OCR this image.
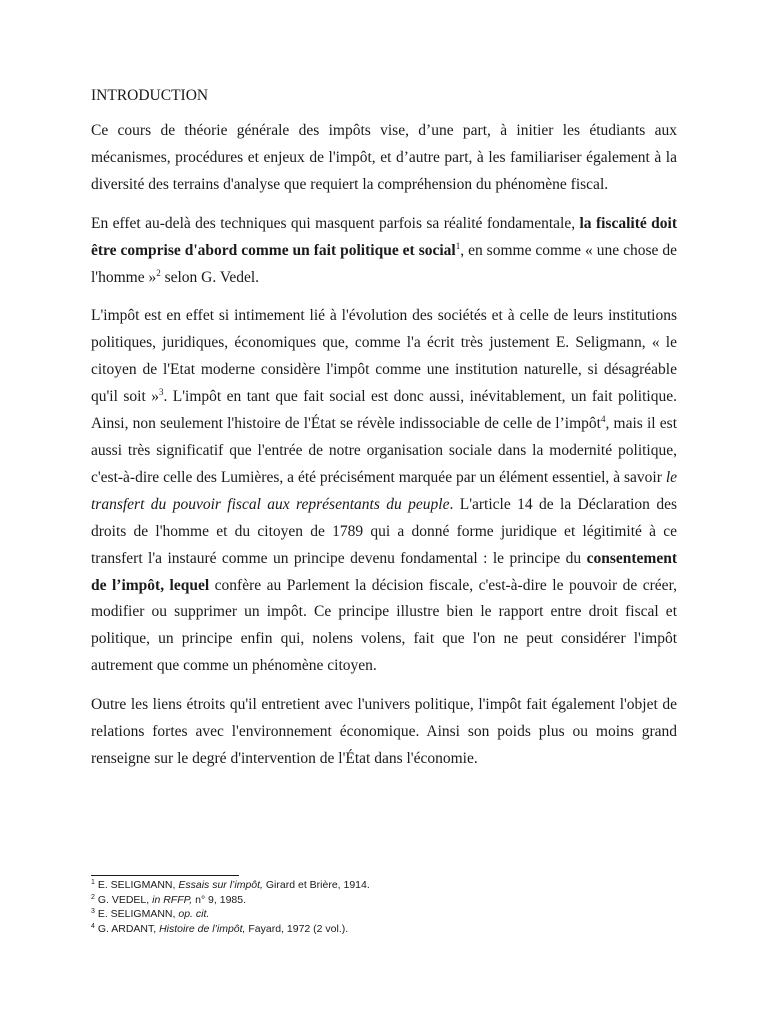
INTRODUCTION

Ce cours de théorie générale des impôts vise, d’une part, à initier les étudiants aux mécanismes, procédures et enjeux de l'impôt, et d’autre part, à les familiariser également à la diversité des terrains d'analyse que requiert la compréhension du phénomène fiscal.

En effet au-delà des techniques qui masquent parfois sa réalité fondamentale, la fiscalité doit être comprise d'abord comme un fait politique et social$^1$, en somme comme « une chose de l'homme »$^2$ selon G. Vedel.

L'impôt est en effet si intimement lié à l'évolution des sociétés et à celle de leurs institutions politiques, juridiques, économiques que, comme l'a écrit très justement E. Seligmann, « le citoyen de l'Etat moderne considère l'impôt comme une institution naturelle, si désagréable qu'il soit »$^3$. L'impôt en tant que fait social est donc aussi, inévitablement, un fait politique. Ainsi, non seulement l'histoire de l'État se révèle indissociable de celle de l’impôt$^4$, mais il est aussi très significatif que l'entrée de notre organisation sociale dans la modernité politique, c'est-à-dire celle des Lumières, a été précisément marquée par un élément essentiel, à savoir le transfert du pouvoir fiscal aux représentants du peuple. L'article 14 de la Déclaration des droits de l'homme et du citoyen de 1789 qui a donné forme juridique et légitimité à ce transfert l'a instauré comme un principe devenu fondamental : le principe du consentement de l’impôt, lequel confère au Parlement la décision fiscale, c'est-à-dire le pouvoir de créer, modifier ou supprimer un impôt. Ce principe illustre bien le rapport entre droit fiscal et politique, un principe enfin qui, nolens volens, fait que l'on ne peut considérer l'impôt autrement que comme un phénomène citoyen.

Outre les liens étroits qu'il entretient avec l'univers politique, l'impôt fait également l'objet de relations fortes avec l'environnement économique. Ainsi son poids plus ou moins grand renseigne sur le degré d'intervention de l'État dans l'économie.

$^1$ E. SELIGMANN, Essais sur l’impôt, Girard et Brière, 1914.

$^2$ G. VEDEL, in RFFP, n° 9, 1985.

$^3$ E. SELIGMANN, op. cit.

$^4$ G. ARDANT, Histoire de l’impôt, Fayard, 1972 (2 vol.).
